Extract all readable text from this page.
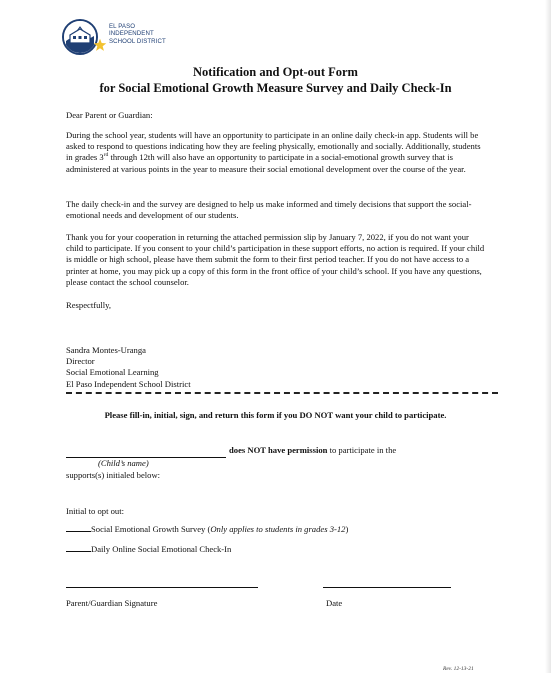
EL PASO
INDEPENDENT
SCHOOL DISTRICT
Notification and Opt-out Form
for Social Emotional Growth Measure Survey and Daily Check-In

Dear Parent or Guardian:

During the school year, students will have an opportunity to participate in an online daily check-in app. Students will be asked to respond to questions indicating how they are feeling physically, emotionally and socially. Additionally, students in grades 3rd through 12th will also have an opportunity to participate in a social-emotional growth survey that is administered at various points in the year to measure their social emotional development over the course of the year.

The daily check-in and the survey are designed to help us make informed and timely decisions that support the social-emotional needs and development of our students.

Thank you for your cooperation in returning the attached permission slip by January 7, 2022, if you do not want your child to participate. If you consent to your child’s participation in these support efforts, no action is required. If your child is middle or high school, please have them submit the form to their first period teacher. If you do not have access to a printer at home, you may pick up a copy of this form in the front office of your child’s school. If you have any questions, please contact the school counselor.

Respectfully,

Sandra Montes-Uranga
Director
Social Emotional Learning
El Paso Independent School District
Please fill-in, initial, sign, and return this form if you DO NOT want your child to participate.
does NOT have permission to participate in the
(Child’s name)
supports(s) initialed below:
Initial to opt out:
Social Emotional Growth Survey (Only applies to students in grades 3-12)
Daily Online Social Emotional Check-In
Parent/Guardian Signature	Date
Rev. 12-13-21
